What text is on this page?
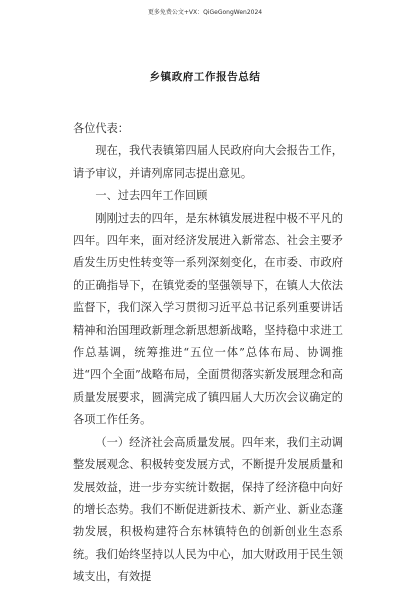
更多免费公文+VX：QiGeGongWen2024
乡镇政府工作报告总结

各位代表：

现在，我代表镇第四届人民政府向大会报告工作，请予审议，并请列席同志提出意见。

一、过去四年工作回顾

刚刚过去的四年，是东林镇发展进程中极不平凡的四年。四年来，面对经济发展进入新常态、社会主要矛盾发生历史性转变等一系列深刻变化，在市委、市政府的正确指导下，在镇党委的坚强领导下，在镇人大依法监督下，我们深入学习贯彻习近平总书记系列重要讲话精神和治国理政新理念新思想新战略，坚持稳中求进工作总基调，统筹推进“五位一体”总体布局、协调推进“四个全面”战略布局，全面贯彻落实新发展理念和高质量发展要求，圆满完成了镇四届人大历次会议确定的各项工作任务。

（一）经济社会高质量发展。四年来，我们主动调整发展观念、积极转变发展方式，不断提升发展质量和发展效益，进一步夯实统计数据，保持了经济稳中向好的增长态势。我们不断促进新技术、新产业、新业态蓬勃发展，积极构建符合东林镇特色的创新创业生态系统。我们始终坚持以人民为中心，加大财政用于民生领域支出，有效提
